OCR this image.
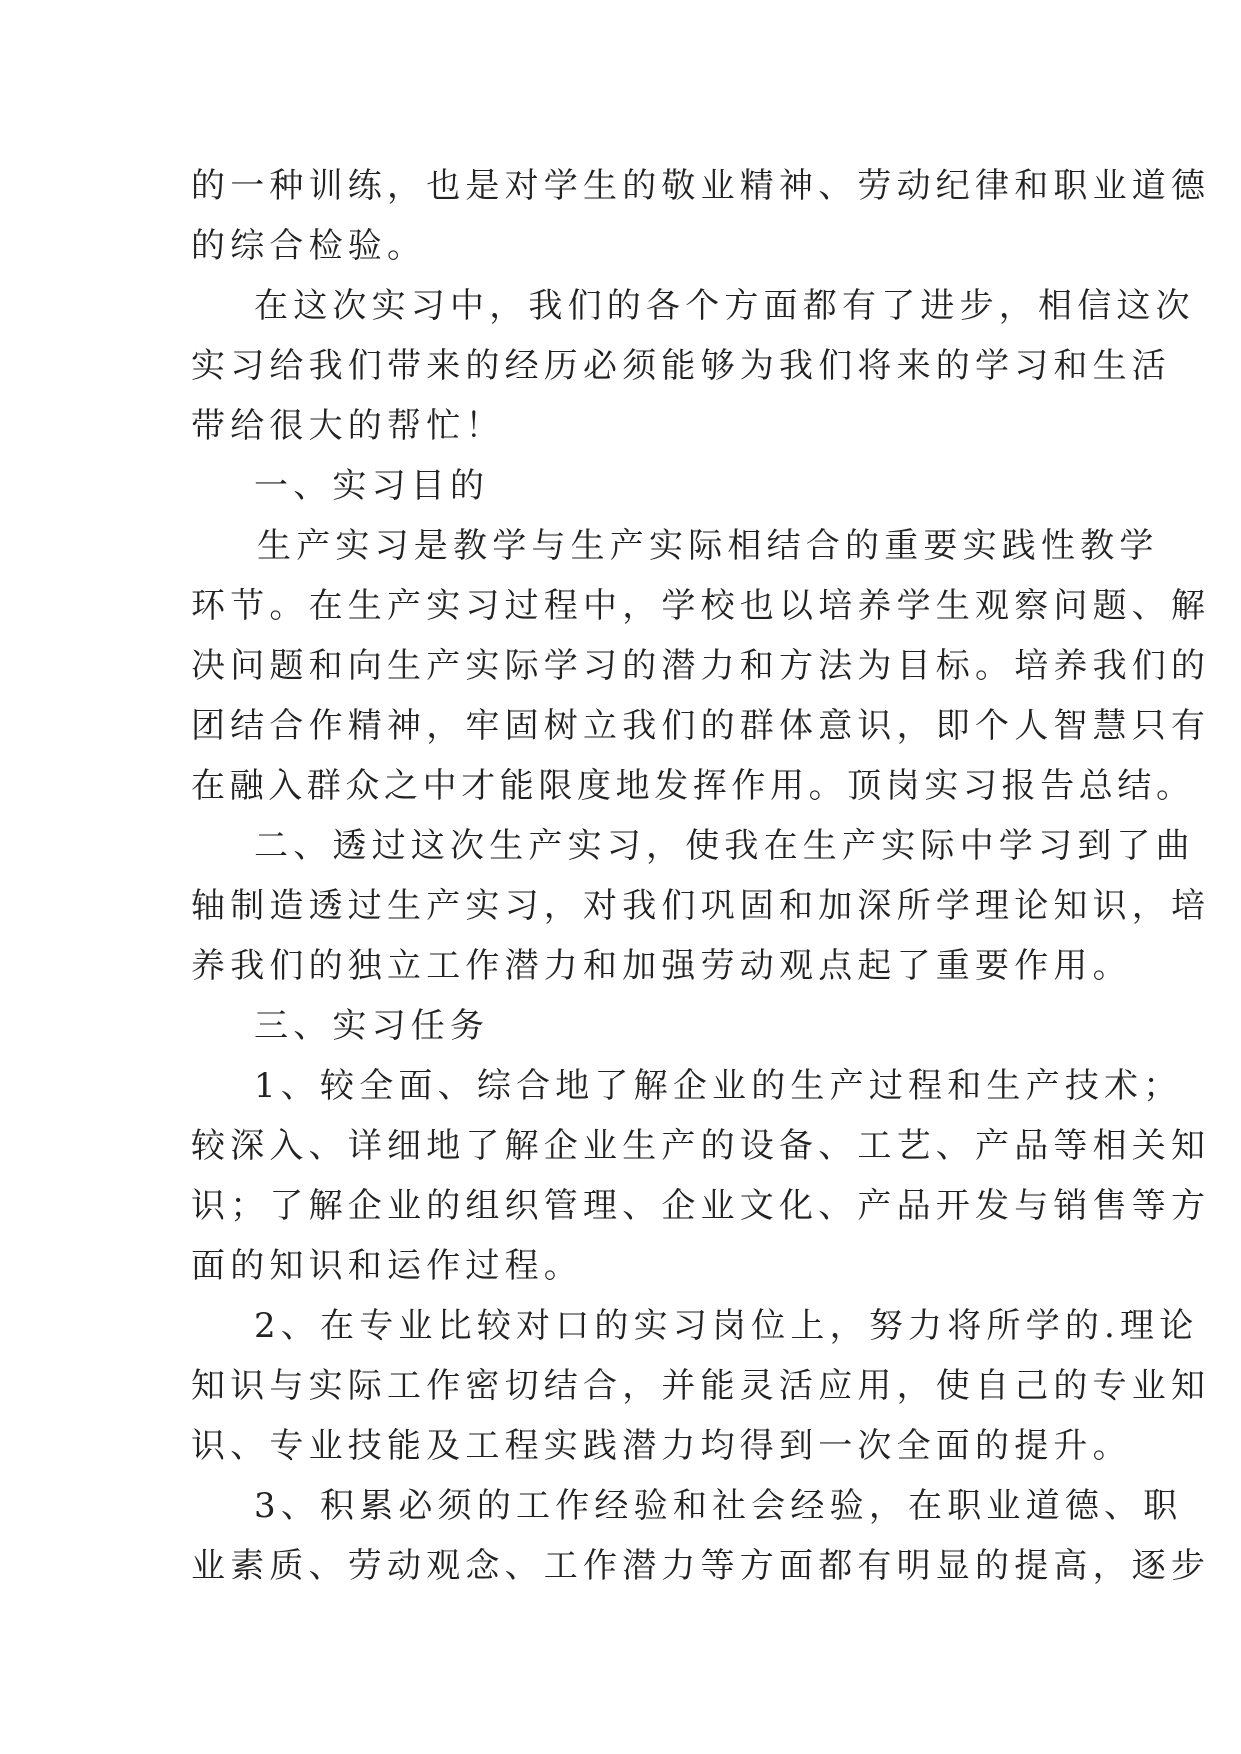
的一种训练，也是对学生的敬业精神、劳动纪律和职业道德

的综合检验。

在这次实习中，我们的各个方面都有了进步，相信这次

实习给我们带来的经历必须能够为我们将来的学习和生活

带给很大的帮忙！

一、实习目的

生产实习是教学与生产实际相结合的重要实践性教学

环节。在生产实习过程中，学校也以培养学生观察问题、解

决问题和向生产实际学习的潜力和方法为目标。培养我们的

团结合作精神，牢固树立我们的群体意识，即个人智慧只有

在融入群众之中才能限度地发挥作用。顶岗实习报告总结。

二、透过这次生产实习，使我在生产实际中学习到了曲

轴制造透过生产实习，对我们巩固和加深所学理论知识，培

养我们的独立工作潜力和加强劳动观点起了重要作用。

三、实习任务

1、较全面、综合地了解企业的生产过程和生产技术；

较深入、详细地了解企业生产的设备、工艺、产品等相关知

识；了解企业的组织管理、企业文化、产品开发与销售等方

面的知识和运作过程。

2、在专业比较对口的实习岗位上，努力将所学的.理论

知识与实际工作密切结合，并能灵活应用，使自己的专业知

识、专业技能及工程实践潜力均得到一次全面的提升。

3、积累必须的工作经验和社会经验，在职业道德、职

业素质、劳动观念、工作潜力等方面都有明显的提高，逐步
